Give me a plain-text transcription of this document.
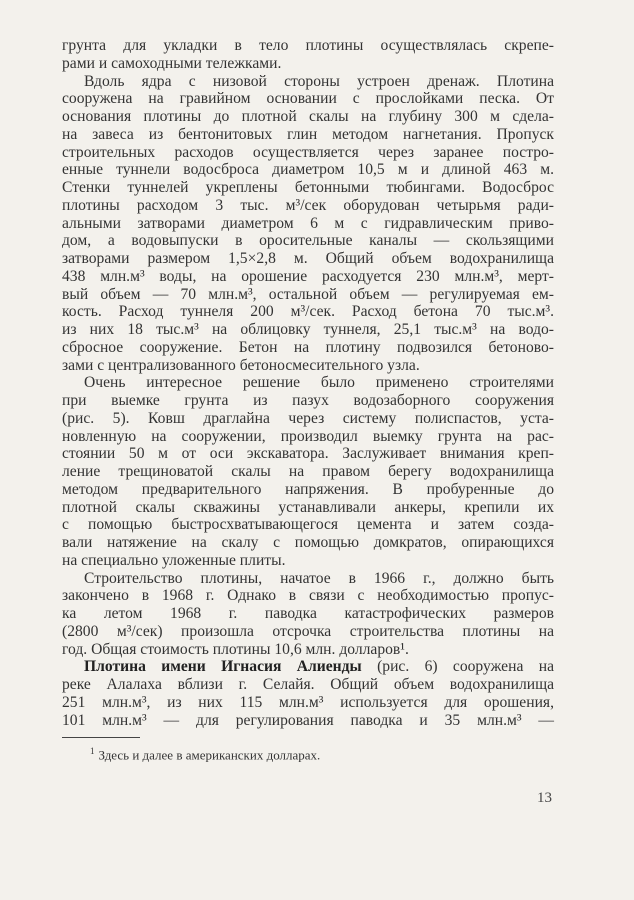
грунта для укладки в тело плотины осуществлялась скрепе-
рами и самоходными тележками.
Вдоль ядра с низовой стороны устроен дренаж. Плотина
сооружена на гравийном основании с прослойками песка. От
основания плотины до плотной скалы на глубину 300 м сдела-
на завеса из бентонитовых глин методом нагнетания. Пропуск
строительных расходов осуществляется через заранее постро-
енные туннели водосброса диаметром 10,5 м и длиной 463 м.
Стенки туннелей укреплены бетонными тюбингами. Водосброс
плотины расходом 3 тыс. м³/сек оборудован четырьмя ради-
альными затворами диаметром 6 м с гидравлическим приво-
дом, а водовыпуски в оросительные каналы — скользящими
затворами размером 1,5×2,8 м. Общий объем водохранилища
438 млн.м³ воды, на орошение расходуется 230 млн.м³, мерт-
вый объем — 70 млн.м³, остальной объем — регулируемая ем-
кость. Расход туннеля 200 м³/сек. Расход бетона 70 тыс.м³.
из них 18 тыс.м³ на облицовку туннеля, 25,1 тыс.м³ на водо-
сбросное сооружение. Бетон на плотину подвозился бетоново-
зами с централизованного бетоносмесительного узла.
Очень интересное решение было применено строителями
при выемке грунта из пазух водозаборного сооружения
(рис. 5). Ковш драглайна через систему полиспастов, уста-
новленную на сооружении, производил выемку грунта на рас-
стоянии 50 м от оси экскаватора. Заслуживает внимания креп-
ление трещиноватой скалы на правом берегу водохранилища
методом предварительного напряжения. В пробуренные до
плотной скалы скважины устанавливали анкеры, крепили их
с помощью быстросхватывающегося цемента и затем созда-
вали натяжение на скалу с помощью домкратов, опирающихся
на специально уложенные плиты.
Строительство плотины, начатое в 1966 г., должно быть
закончено в 1968 г. Однако в связи с необходимостью пропус-
ка летом 1968 г. паводка катастрофических размеров
(2800 м³/сек) произошла отсрочка строительства плотины на
год. Общая стоимость плотины 10,6 млн. долларов¹.
Плотина имени Игнасия Алиенды (рис. 6) сооружена на
реке Алалаха вблизи г. Селайя. Общий объем водохранилища
251 млн.м³, из них 115 млн.м³ используется для орошения,
101 млн.м³ — для регулирования паводка и 35 млн.м³ —
$^1$ Здесь и далее в американских долларах.
13
